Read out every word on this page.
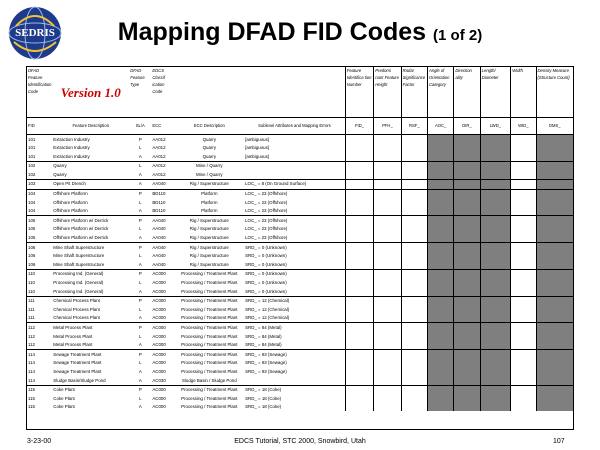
SEDRIS	Mapping DFAD FID Codes (1 of 2)
DFAD Feature Identification Code	Version 1.0	DFAD Feature Type	EDCS Classif ication Code			Feature Identifica tion Number	Predomi nant Feature Height	Radar Significance Factor	Angle of Orientation Category	Direction ality	Length/ Diameter	Width	Density Measure (Structure Count)
FID	Feature Description	SL/A	ECC	ECC Description	Sublevel Attributes and Mapping Errors	FID_	PFH_	RSF_	AOC_	DIR_	LWD_	WID_	DMS_
101	Extraction Industry	P	AA012	Quarry	[ambiguous]								
101	Extraction Industry	L	AA012	Quarry	[ambiguous]								
101	Extraction Industry	A	AA012	Quarry	[ambiguous]								
102	Quarry	L	AA012	Mine / Quarry									
102	Quarry	A	AA012	Mine / Quarry									
103	Open Pit Drench	A	AA040	Rig / Superstructure	LOC_ = 8 (On Ground Surface)								
104	Offshore Platform	P	BD110	Platform	LOC_ = 23 (Offshore)								
104	Offshore Platform	L	BD110	Platform	LOC_ = 23 (Offshore)								
104	Offshore Platform	A	BD110	Platform	LOC_ = 23 (Offshore)								
105	Offshore Platform w/ Derrick	P	AA040	Rig / Superstructure	LOC_ = 23 (Offshore)								
105	Offshore Platform w/ Derrick	L	AA040	Rig / Superstructure	LOC_ = 23 (Offshore)								
105	Offshore Platform w/ Derrick	A	AA040	Rig / Superstructure	LOC_ = 23 (Offshore)								
106	Mine Shaft Superstructure	P	AA040	Rig / Superstructure	SRD_ = 0 (Unknown)								
106	Mine Shaft Superstructure	L	AA040	Rig / Superstructure	SRD_ = 0 (Unknown)								
106	Mine Shaft Superstructure	A	AA040	Rig / Superstructure	SRD_ = 0 (Unknown)								
110	Processing Ind. (General)	P	AC000	Processing / Treatment Plant	SRD_ = 0 (Unknown)								
110	Processing Ind. (General)	L	AC000	Processing / Treatment Plant	SRD_ = 0 (Unknown)								
110	Processing Ind. (General)	A	AC000	Processing / Treatment Plant	SRD_ = 0 (Unknown)								
111	Chemical Process Plant	P	AC000	Processing / Treatment Plant	SRD_ = 12 (Chemical)								
111	Chemical Process Plant	L	AC000	Processing / Treatment Plant	SRD_ = 12 (Chemical)								
111	Chemical Process Plant	A	AC000	Processing / Treatment Plant	SRD_ = 12 (Chemical)								
112	Metal Process Plant	P	AC000	Processing / Treatment Plant	SRD_ = 84 (Metal)								
112	Metal Process Plant	L	AC000	Processing / Treatment Plant	SRD_ = 84 (Metal)								
112	Metal Process Plant	A	AC000	Processing / Treatment Plant	SRD_ = 84 (Metal)								
114	Sewage Treatment Plant	P	AC000	Processing / Treatment Plant	SRD_ = 93 (Sewage)								
114	Sewage Treatment Plant	L	AC000	Processing / Treatment Plant	SRD_ = 93 (Sewage)								
114	Sewage Treatment Plant	A	AC000	Processing / Treatment Plant	SRD_ = 93 (Sewage)								
114	Sludge Basin/Sludge Pond	A	AC030	Sludge Basin / Sludge Pond									
115	Coke Plant	P	AC000	Processing / Treatment Plant	SRD_ = 18 (Coke)								
115	Coke Plant	L	AC000	Processing / Treatment Plant	SRD_ = 18 (Coke)								
115	Coke Plant	A	AC000	Processing / Treatment Plant	SRD_ = 18 (Coke)								
3-23-00	EDCS Tutorial, STC 2000, Snowbird, Utah	107
